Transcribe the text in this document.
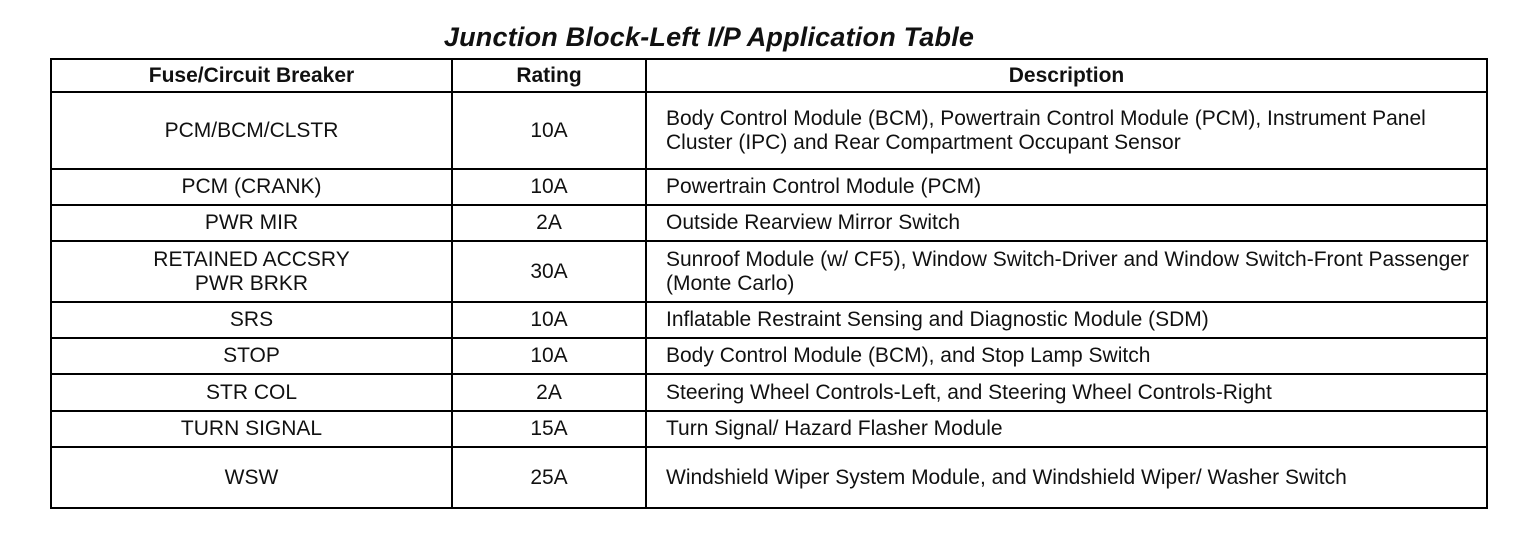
Junction Block-Left I/P Application Table
Fuse/Circuit Breaker	Rating	Description

PCM/BCM/CLSTR	10A	Body Control Module (BCM), Powertrain Control Module (PCM), Instrument Panel Cluster (IPC) and Rear Compartment Occupant Sensor

PCM (CRANK)	10A	Powertrain Control Module (PCM)

PWR MIR	2A	Outside Rearview Mirror Switch

RETAINED ACCSRY
PWR BRKR	30A	Sunroof Module (w/ CF5), Window Switch-Driver and Window Switch-Front Passenger (Monte Carlo)

SRS	10A	Inflatable Restraint Sensing and Diagnostic Module (SDM)

STOP	10A	Body Control Module (BCM), and Stop Lamp Switch

STR COL	2A	Steering Wheel Controls-Left, and Steering Wheel Controls-Right

TURN SIGNAL	15A	Turn Signal/ Hazard Flasher Module

WSW	25A	Windshield Wiper System Module, and Windshield Wiper/ Washer Switch
